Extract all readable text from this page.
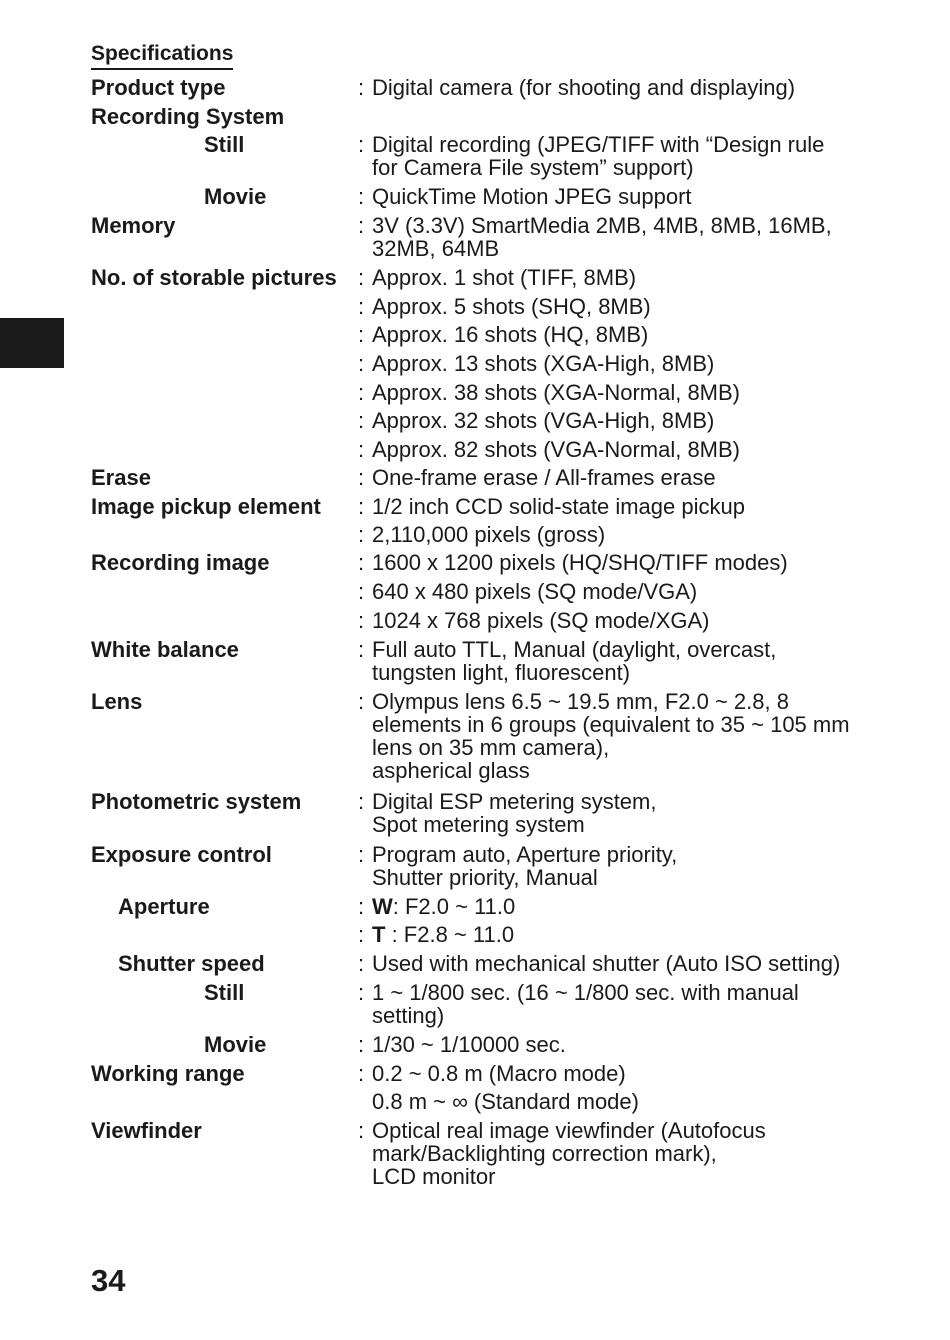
Specifications
Product type	: Digital camera (for shooting and displaying)
Recording System
Still	: Digital recording (JPEG/TIFF with “Design rule
for Camera File system” support)
Movie	: QuickTime Motion JPEG support
Memory	: 3V (3.3V) SmartMedia 2MB, 4MB, 8MB, 16MB,
32MB, 64MB
No. of storable pictures : Approx. 1 shot (TIFF, 8MB)
: Approx. 5 shots (SHQ, 8MB)
: Approx. 16 shots (HQ, 8MB)
: Approx. 13 shots (XGA-High, 8MB)
: Approx. 38 shots (XGA-Normal, 8MB)
: Approx. 32 shots (VGA-High, 8MB)
: Approx. 82 shots (VGA-Normal, 8MB)
Erase	: One-frame erase / All-frames erase
Image pickup element : 1/2 inch CCD solid-state image pickup
: 2,110,000 pixels (gross)
Recording image	: 1600 x 1200 pixels (HQ/SHQ/TIFF modes)
: 640 x 480 pixels (SQ mode/VGA)
: 1024 x 768 pixels (SQ mode/XGA)
White balance	: Full auto TTL, Manual (daylight, overcast,
tungsten light, fluorescent)
Lens	: Olympus lens 6.5 ~ 19.5 mm, F2.0 ~ 2.8, 8
elements in 6 groups (equivalent to 35 ~ 105 mm
lens on 35 mm camera),
aspherical glass
Photometric system	: Digital ESP metering system,
Spot metering system
Exposure control	: Program auto, Aperture priority,
Shutter priority, Manual
Aperture	: W: F2.0 ~ 11.0
: T : F2.8 ~ 11.0
Shutter speed	: Used with mechanical shutter (Auto ISO setting)
Still	: 1 ~ 1/800 sec. (16 ~ 1/800 sec. with manual
setting)
Movie	: 1/30 ~ 1/10000 sec.
Working range	: 0.2 ~ 0.8 m (Macro mode)
0.8 m ~ ∞ (Standard mode)
Viewfinder	: Optical real image viewfinder (Autofocus
mark/Backlighting correction mark),
LCD monitor
34
